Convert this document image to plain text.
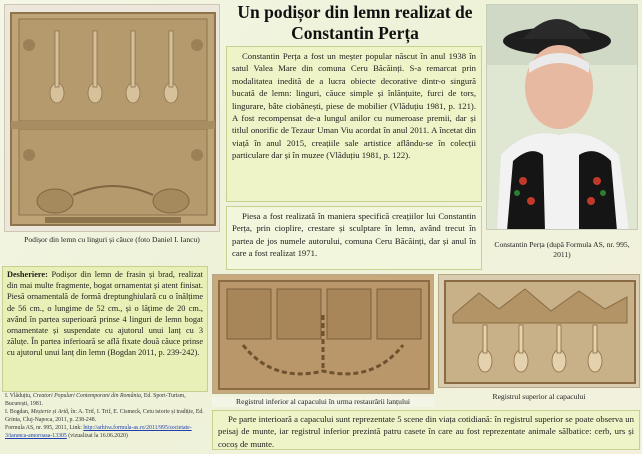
Podișor din lemn cu linguri și căuce (foto Daniel I. Iancu)
Un podișor din lemn realizat de Constantin Perța
Constantin Perța a fost un meșter popular născut în anul 1938 în satul Valea Mare din comuna Ceru Băcăinți. S-a remarcat prin modalitatea inedită de a lucra obiecte decorative dintr-o singură bucată de lemn: linguri, căuce simple și înlănțuite, furci de tors, lingurare, bâte ciobănești, piese de mobilier (Vlăduțiu 1981, p. 121). A fost recompensat de-a lungul anilor cu numeroase premii, dar și titlul onorific de Tezaur Uman Viu acordat în anul 2011. A încetat din viață în anul 2015, creațiile sale artistice aflându-se în colecții particulare dar și în muzee (Vlăduțiu 1981, p. 122).
Piesa a fost realizată în maniera specifică creațiilor lui Constantin Perța, prin cioplire, crestare și sculptare în lemn, având trecut în partea de jos numele autorului, comuna Ceru Băcăinți, dar și anul în care a fost realizat 1971.
Constantin Perța (după Formula AS, nr. 995, 2011)
Desheriere: Podișor din lemn de frasin și brad, realizat din mai multe fragmente, bogat ornamentat și atent finisat. Piesă ornamentală de formă dreptunghiulară cu o înălțime de 56 cm., o lungime de 52 cm., și o lățime de 20 cm., având în partea superioară prinse 4 linguri de lemn bogat ornamentate și suspendate cu ajutorul unui lanț cu 3 zăluțe. În partea inferioară se află fixate două căuce prinse cu ajutorul unui lanț din lemn (Bogdan 2011, p. 239-242).
I. Vlăduțiu, Creatori Populari Contemporani din România, Ed. Sport-Turism, București, 1981.
I. Bogdan, Meșterie și Artă, în: A. Trif, I. Trif, E. Cismeck, Cetu istorie și tradiție, Ed. Grinta, Cluj-Napoca, 2011, p. 238-248.
Formula AS, nr. 995, 2011, Link: http://arhiva.formula-as.ro/2011/995/societate-3/taranca-amoroasa-13305 (vizualizat la 16.06.2020)
Registrul inferior al capacului în urma restaurării lanțului
Registrul superior al capacului
Pe parte interioară a capacului sunt reprezentate 5 scene din viața cotidiană: în registrul superior se poate observa un peisaj de munte, iar registrul inferior prezintă patru casete în care au fost reprezentate animale sălbatice: cerb, urs și cocoș de munte.
